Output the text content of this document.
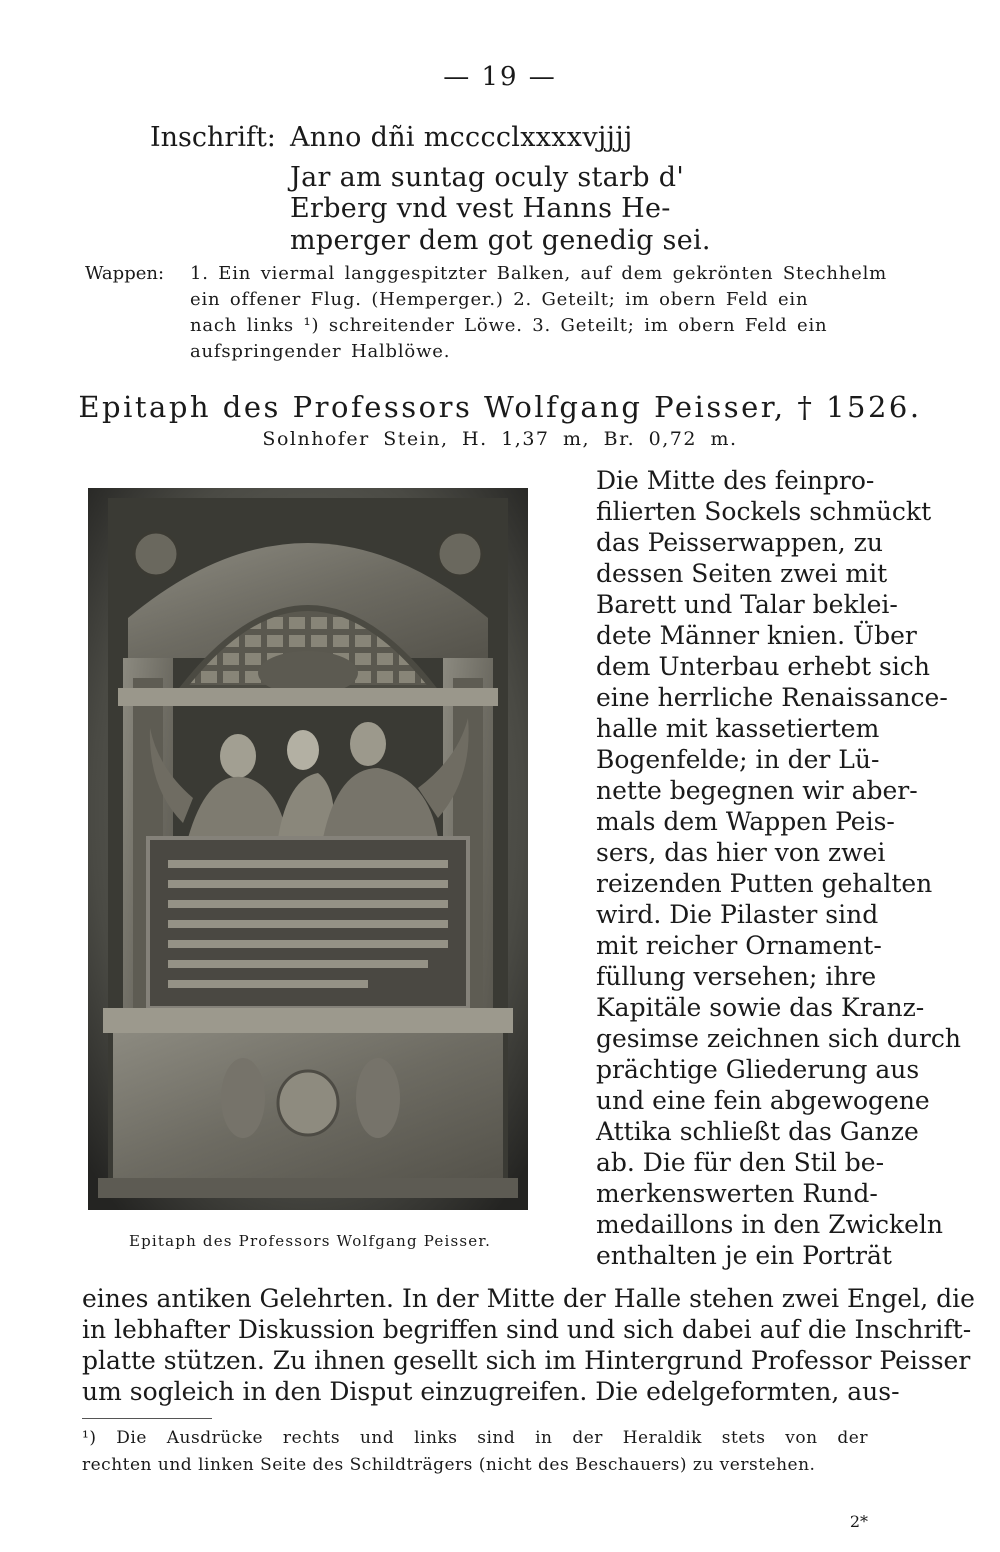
— 19 —
Inschrift: Anno dñi mcccclxxxxvjjjj
Jar am suntag oculy starb d'
Erberg vnd vest Hanns He-
mperger dem got genedig sei.
Wappen: 1. Ein viermal langgespitzter Balken, auf dem gekrönten Stechhelm
ein offener Flug. (Hemperger.) 2. Geteilt; im obern Feld ein
nach links ¹) schreitender Löwe. 3. Geteilt; im obern Feld ein
aufspringender Halblöwe.
Epitaph des Professors Wolfgang Peisser, † 1526.
Solnhofer Stein, H. 1,37 m, Br. 0,72 m.
Epitaph des Professors Wolfgang Peisser.
Die Mitte des feinpro-
filierten Sockels schmückt
das Peisserwappen, zu
dessen Seiten zwei mit
Barett und Talar beklei-
dete Männer knien. Über
dem Unterbau erhebt sich
eine herrliche Renaissance-
halle mit kassetiertem
Bogenfelde; in der Lü-
nette begegnen wir aber-
mals dem Wappen Peis-
sers, das hier von zwei
reizenden Putten gehalten
wird. Die Pilaster sind
mit reicher Ornament-
füllung versehen; ihre
Kapitäle sowie das Kranz-
gesimse zeichnen sich durch
prächtige Gliederung aus
und eine fein abgewogene
Attika schließt das Ganze
ab. Die für den Stil be-
merkenswerten Rund-
medaillons in den Zwickeln
enthalten je ein Porträt
eines antiken Gelehrten. In der Mitte der Halle stehen zwei Engel, die
in lebhafter Diskussion begriffen sind und sich dabei auf die Inschrift-
platte stützen. Zu ihnen gesellt sich im Hintergrund Professor Peisser
um sogleich in den Disput einzugreifen. Die edelgeformten, aus-
¹) Die Ausdrücke rechts und links sind in der Heraldik stets von der
rechten und linken Seite des Schildträgers (nicht des Beschauers) zu verstehen.
2*
